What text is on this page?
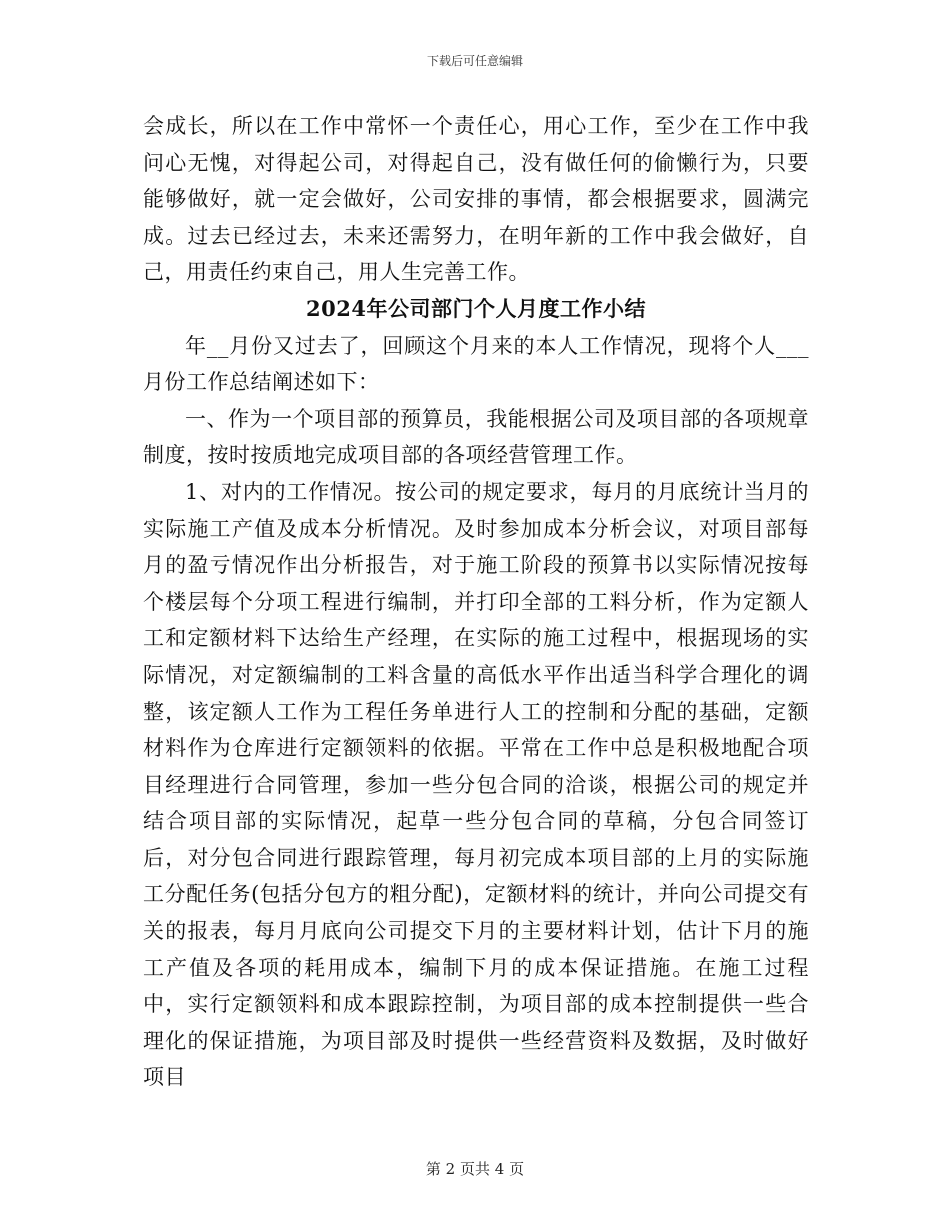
下载后可任意编辑

会成长，所以在工作中常怀一个责任心，用心工作，至少在工作中我问心无愧，对得起公司，对得起自己，没有做任何的偷懒行为，只要能够做好，就一定会做好，公司安排的事情，都会根据要求，圆满完成。过去已经过去，未来还需努力，在明年新的工作中我会做好，自己，用责任约束自己，用人生完善工作。

2024年公司部门个人月度工作小结

年__月份又过去了，回顾这个月来的本人工作情况，现将个人___月份工作总结阐述如下：

一、作为一个项目部的预算员，我能根据公司及项目部的各项规章制度，按时按质地完成项目部的各项经营管理工作。

1、对内的工作情况。按公司的规定要求，每月的月底统计当月的实际施工产值及成本分析情况。及时参加成本分析会议，对项目部每月的盈亏情况作出分析报告，对于施工阶段的预算书以实际情况按每个楼层每个分项工程进行编制，并打印全部的工料分析，作为定额人工和定额材料下达给生产经理，在实际的施工过程中，根据现场的实际情况，对定额编制的工料含量的高低水平作出适当科学合理化的调整，该定额人工作为工程任务单进行人工的控制和分配的基础，定额材料作为仓库进行定额领料的依据。平常在工作中总是积极地配合项目经理进行合同管理，参加一些分包合同的洽谈，根据公司的规定并结合项目部的实际情况，起草一些分包合同的草稿，分包合同签订后，对分包合同进行跟踪管理，每月初完成本项目部的上月的实际施工分配任务(包括分包方的粗分配)，定额材料的统计，并向公司提交有关的报表，每月月底向公司提交下月的主要材料计划，估计下月的施工产值及各项的耗用成本，编制下月的成本保证措施。在施工过程中，实行定额领料和成本跟踪控制，为项目部的成本控制提供一些合理化的保证措施，为项目部及时提供一些经营资料及数据，及时做好项目

第 2 页共 4 页
